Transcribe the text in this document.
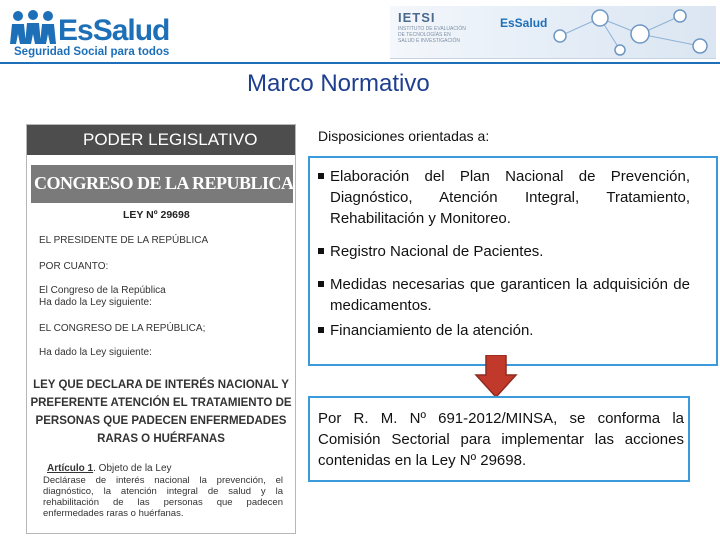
EsSalud
Seguridad Social para todos
IETSI
INSTITUTO DE EVALUACIÓN DE TECNOLOGÍAS EN SALUD E INVESTIGACIÓN
EsSalud
Marco Normativo
PODER LEGISLATIVO
CONGRESO DE LA REPUBLICA
LEY Nº 29698
EL PRESIDENTE DE LA REPÚBLICA
POR CUANTO:
El Congreso de la República
Ha dado la Ley siguiente:
EL CONGRESO DE LA REPÚBLICA;
Ha dado la Ley siguiente:
LEY QUE DECLARA DE INTERÉS NACIONAL Y
PREFERENTE ATENCIÓN EL TRATAMIENTO DE
PERSONAS QUE PADECEN ENFERMEDADES
RARAS O HUÉRFANAS
Artículo 1. Objeto de la Ley
Declárase de interés nacional la prevención, el diagnóstico, la atención integral de salud y la rehabilitación de las personas que padecen enfermedades raras o huérfanas.
Disposiciones orientadas a:
Elaboración del Plan Nacional de Prevención, Diagnóstico, Atención Integral, Tratamiento, Rehabilitación y Monitoreo.
Registro Nacional de Pacientes.
Medidas necesarias que garanticen la adquisición de medicamentos.
Financiamiento de la atención.
Por R. M. Nº 691-2012/MINSA, se conforma la Comisión Sectorial para implementar las acciones contenidas en la Ley Nº 29698.
